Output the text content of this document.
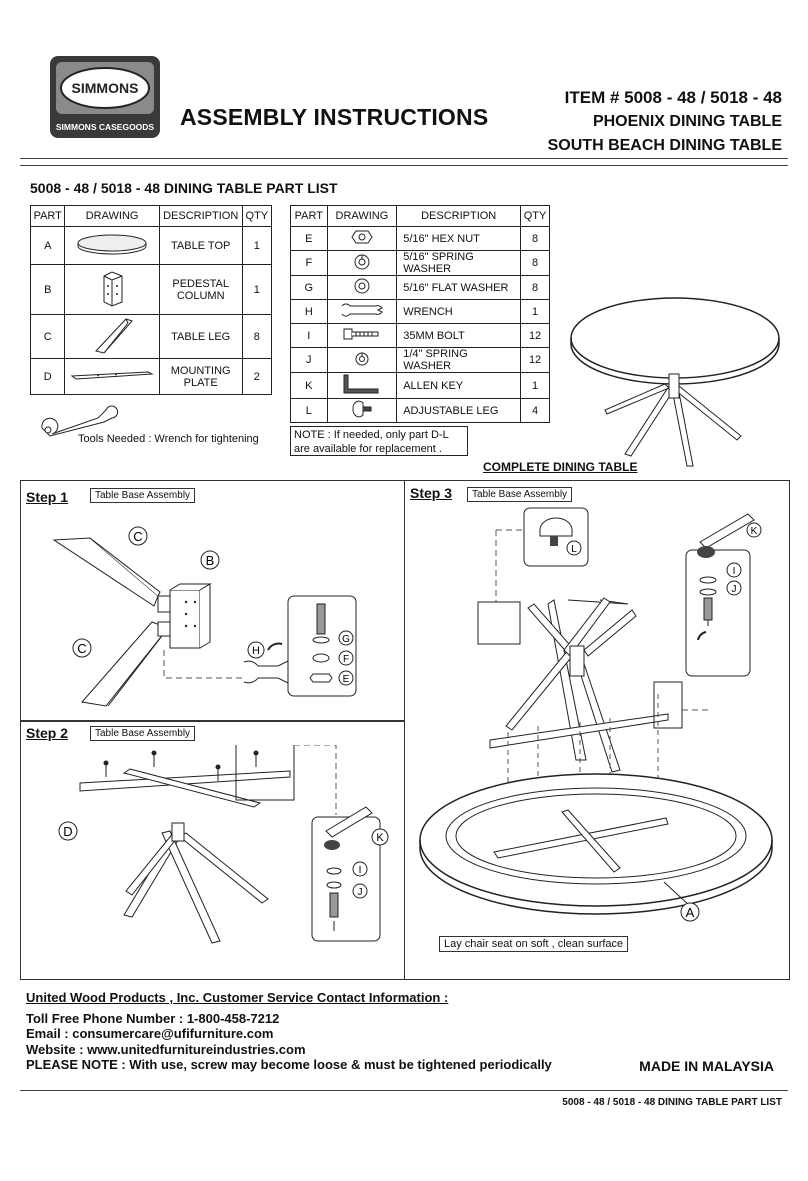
SIMMONS
SIMMONS CASEGOODS ASSEMBLY INSTRUCTIONS
ITEM # 5008 - 48 / 5018 - 48
PHOENIX DINING TABLE
SOUTH BEACH DINING TABLE
5008 - 48 / 5018 - 48 DINING TABLE PART LIST
PART	DRAWING	DESCRIPTION	QTY
A		TABLE TOP	1
B		PEDESTAL COLUMN	1
C		TABLE LEG	8
D		MOUNTING PLATE	2
Tools Needed : Wrench for tightening
PART	DRAWING	DESCRIPTION	QTY
E		5/16" HEX NUT	8
F		5/16" SPRING WASHER	8
G		5/16" FLAT WASHER	8
H		WRENCH	1
I		35MM BOLT	12
J		1/4" SPRING WASHER	12
K		ALLEN KEY	1
L		ADJUSTABLE LEG	4
NOTE : If needed, only part D-L are available for replacement .
COMPLETE DINING TABLE
Step 1	Table Base Assembly
Step 2	Table Base Assembly
Step 3	Table Base Assembly
C
B
C	H
G
F
E
D	K
I
J
L
K
I
J
A
Lay chair seat on soft , clean surface
United Wood Products , Inc. Customer Service Contact Information :
Toll Free Phone Number : 1-800-458-7212
Email : consumercare@ufifurniture.com
Website : www.unitedfurnitureindustries.com
PLEASE NOTE : With use, screw may become loose & must be tightened periodically	MADE IN MALAYSIA
5008 - 48 / 5018 - 48 DINING TABLE PART LIST
